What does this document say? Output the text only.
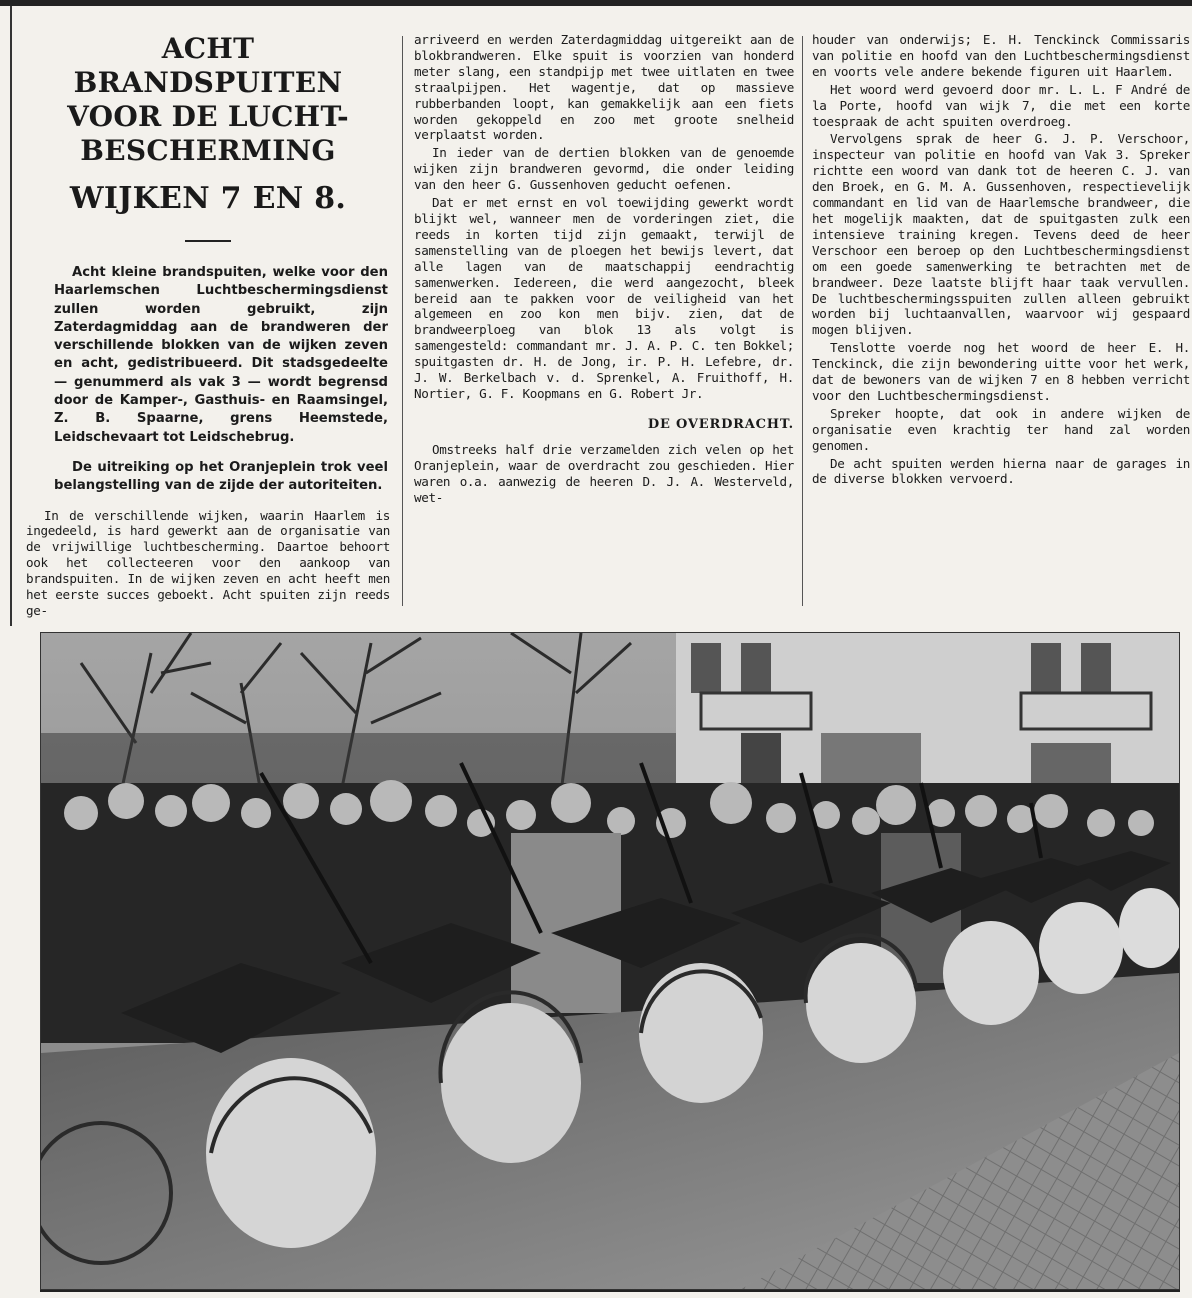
ACHT BRANDSPUITEN
VOOR DE LUCHT-
BESCHERMING
WIJKEN 7 EN 8.

Acht kleine brandspuiten, welke voor den Haarlemschen Luchtbeschermingsdienst zullen worden gebruikt, zijn Zaterdagmiddag aan de brandweren der verschillende blokken van de wijken zeven en acht, gedistribueerd. Dit stadsgedeelte — genummerd als vak 3 — wordt begrensd door de Kamper-, Gasthuis- en Raamsingel, Z. B. Spaarne, grens Heemstede, Leidschevaart tot Leidschebrug.

De uitreiking op het Oranjeplein trok veel belangstelling van de zijde der autoriteiten.

In de verschillende wijken, waarin Haarlem is ingedeeld, is hard gewerkt aan de organisatie van de vrijwillige luchtbescherming. Daartoe behoort ook het collecteeren voor den aankoop van brandspuiten. In de wijken zeven en acht heeft men het eerste succes geboekt. Acht spuiten zijn reeds ge-

arriveerd en werden Zaterdagmiddag uitgereikt aan de blokbrandweren. Elke spuit is voorzien van honderd meter slang, een standpijp met twee uitlaten en twee straalpijpen. Het wagentje, dat op massieve rubberbanden loopt, kan gemakkelijk aan een fiets worden gekoppeld en zoo met groote snelheid verplaatst worden.

In ieder van de dertien blokken van de genoemde wijken zijn brandweren gevormd, die onder leiding van den heer G. Gussenhoven geducht oefenen.

Dat er met ernst en vol toewijding gewerkt wordt blijkt wel, wanneer men de vorderingen ziet, die reeds in korten tijd zijn gemaakt, terwijl de samenstelling van de ploegen het bewijs levert, dat alle lagen van de maatschappij eendrachtig samenwerken. Iedereen, die werd aangezocht, bleek bereid aan te pakken voor de veiligheid van het algemeen en zoo kon men bijv. zien, dat de brandweerploeg van blok 13 als volgt is samengesteld: commandant mr. J. A. P. C. ten Bokkel; spuitgasten dr. H. de Jong, ir. P. H. Lefebre, dr. J. W. Berkelbach v. d. Sprenkel, A. Fruithoff, H. Nortier, G. F. Koopmans en G. Robert Jr.

DE OVERDRACHT.

Omstreeks half drie verzamelden zich velen op het Oranjeplein, waar de overdracht zou geschieden. Hier waren o.a. aanwezig de heeren D. J. A. Westerveld, wet-

houder van onderwijs; E. H. Tenckinck Commissaris van politie en hoofd van den Luchtbeschermingsdienst en voorts vele andere bekende figuren uit Haarlem.

Het woord werd gevoerd door mr. L. L. F André de la Porte, hoofd van wijk 7, die met een korte toespraak de acht spuiten overdroeg.

Vervolgens sprak de heer G. J. P. Verschoor, inspecteur van politie en hoofd van Vak 3. Spreker richtte een woord van dank tot de heeren C. J. van den Broek, en G. M. A. Gussenhoven, respectievelijk commandant en lid van de Haarlemsche brandweer, die het mogelijk maakten, dat de spuitgasten zulk een intensieve training kregen. Tevens deed de heer Verschoor een beroep op den Luchtbeschermingsdienst om een goede samenwerking te betrachten met de brandweer. Deze laatste blijft haar taak vervullen. De luchtbeschermingsspuiten zullen alleen gebruikt worden bij luchtaanvallen, waarvoor wij gespaard mogen blijven.

Tenslotte voerde nog het woord de heer E. H. Tenckinck, die zijn bewondering uitte voor het werk, dat de bewoners van de wijken 7 en 8 hebben verricht voor den Luchtbeschermingsdienst.

Spreker hoopte, dat ook in andere wijken de organisatie even krachtig ter hand zal worden genomen.

De acht spuiten werden hierna naar de garages in de diverse blokken vervoerd.
